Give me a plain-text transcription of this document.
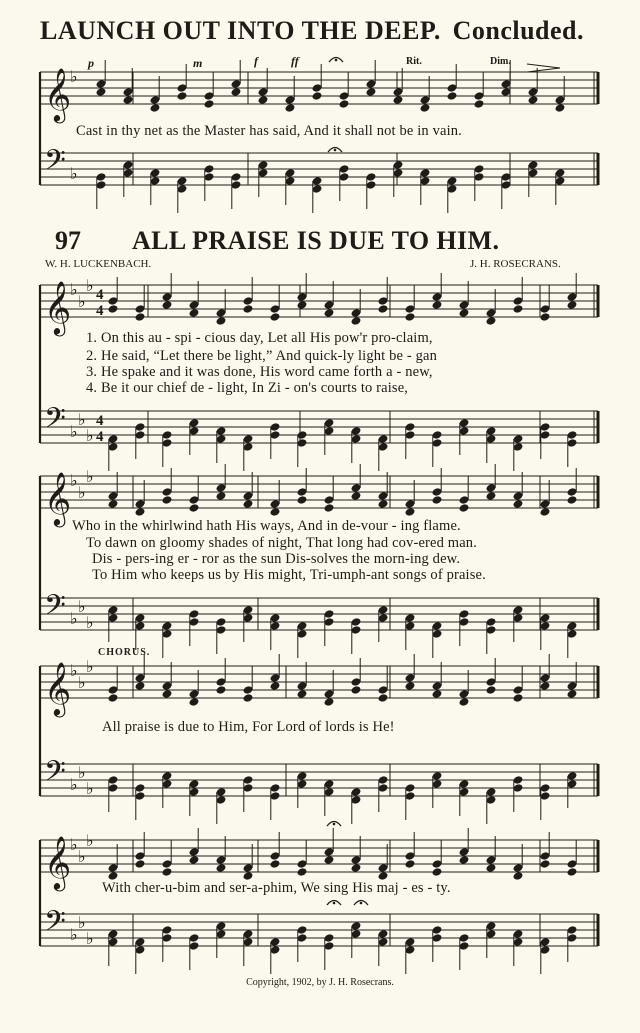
𝄞
♭
𝄢 ♭
𝄞
♭
♭
♭ 4
4
𝄢 ♭
♭
♭
4
4
𝄞
♭
♭
♭
𝄢 ♭
♭
♭
𝄞
♭
♭
♭
𝄢 ♭
♭
♭
𝄞
♭
♭
♭
𝄢 ♭
♭
♭
LAUNCH OUT INTO THE DEEP. Concluded.
p	m	f	ff	Rit.	Dim.
Cast in thy net as the Master has said, And it shall not be in vain.
97 ALL PRAISE IS DUE TO HIM.
W. H. LUCKENBACH.	J. H. ROSECRANS.
1. On this au - spi - cious day, Let all His pow'r pro-claim,
2. He said, “Let there be light,” And quick-ly light be - gan
3. He spake and it was done, His word came forth a - new,
4. Be it our chief de - light, In Zi - on's courts to raise,
Who in the whirlwind hath His ways, And in de-vour - ing flame.
To dawn on gloomy shades of night, That long had cov-ered man.
Dis - pers-ing er - ror as the sun Dis-solves the morn-ing dew.
To Him who keeps us by His might, Tri-umph-ant songs of praise.
CHORUS.
All praise is due to Him, For Lord of lords is He!
With cher-u-bim and ser-a-phim, We sing His maj - es - ty.
Copyright, 1902, by J. H. Rosecrans.
